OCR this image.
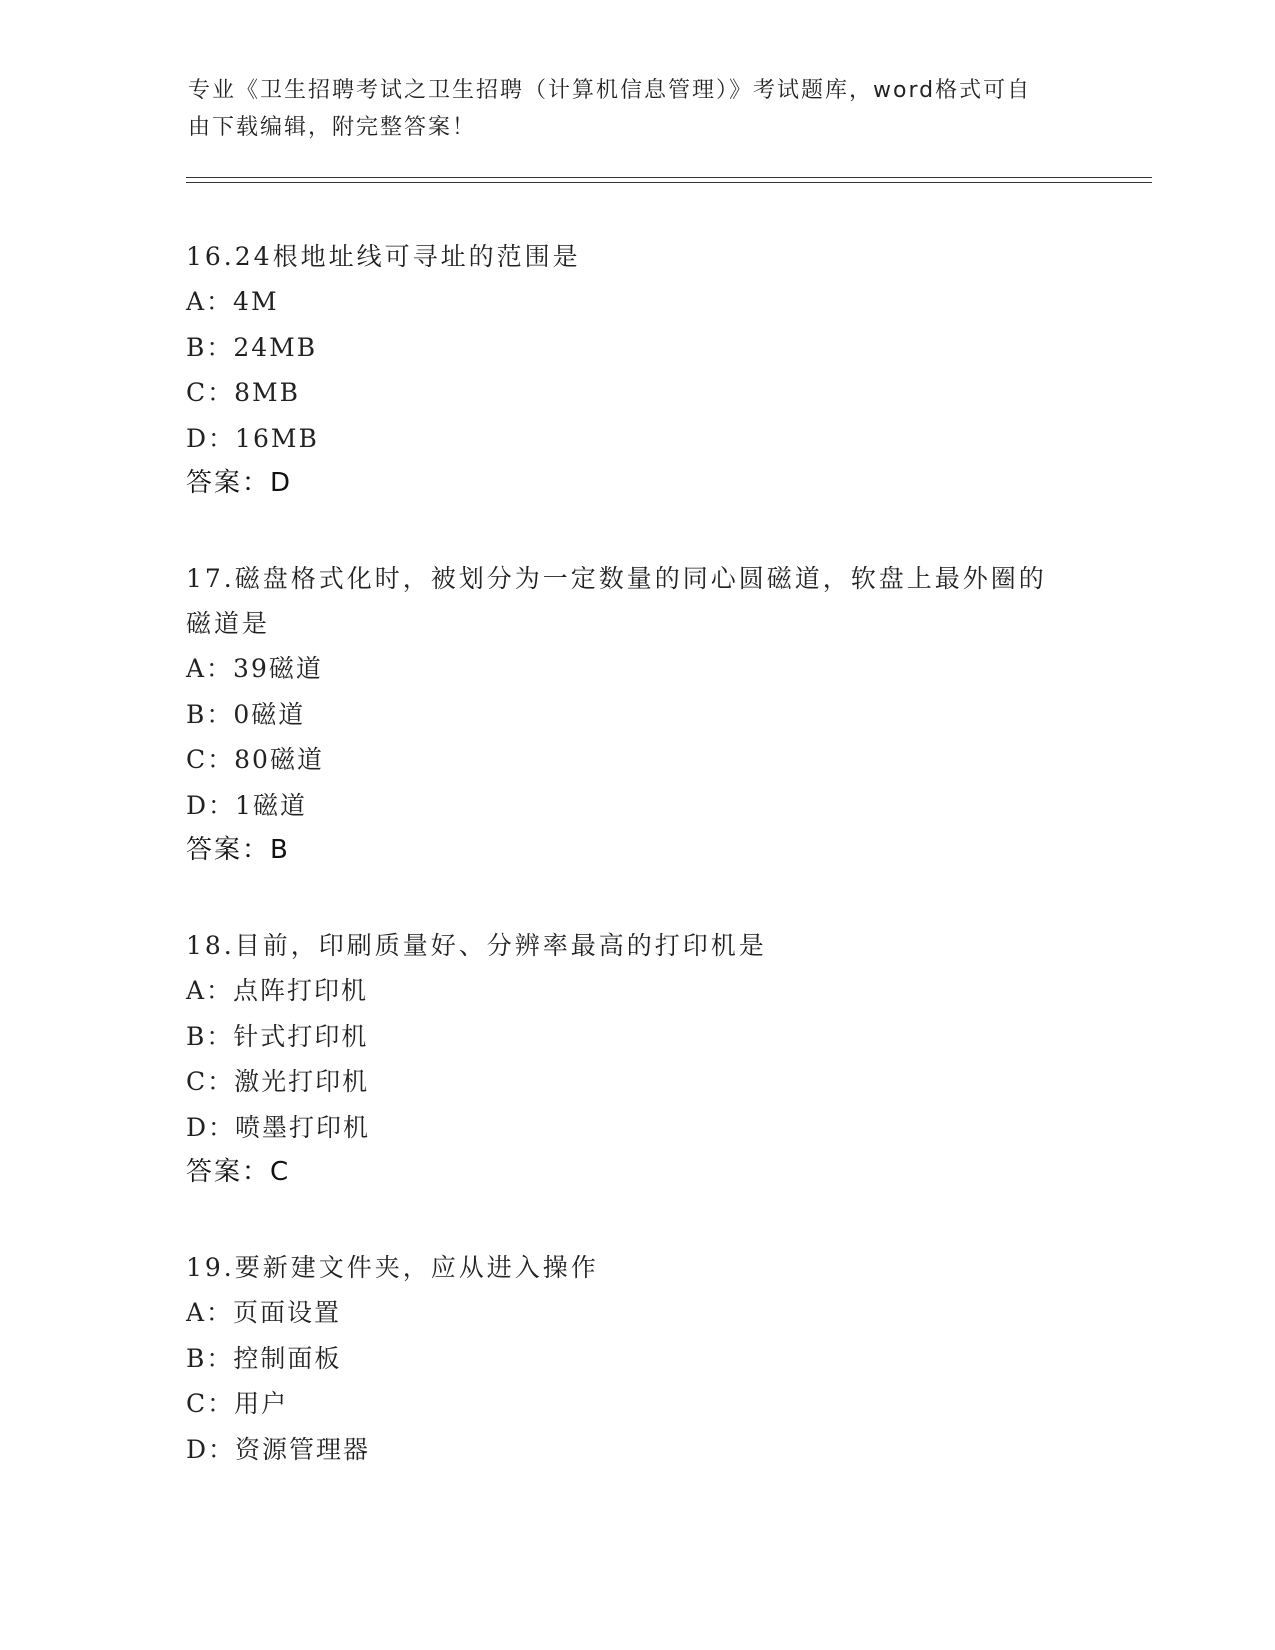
专业《卫生招聘考试之卫生招聘（计算机信息管理）》考试题库，word格式可自
由下载编辑，附完整答案！
16.24根地址线可寻址的范围是
A：4M
B：24MB
C：8MB
D：16MB
答案：D
17.磁盘格式化时，被划分为一定数量的同心圆磁道，软盘上最外圈的
磁道是
A：39磁道
B：0磁道
C：80磁道
D：1磁道
答案：B
18.目前，印刷质量好、分辨率最高的打印机是
A：点阵打印机
B：针式打印机
C：激光打印机
D：喷墨打印机
答案：C
19.要新建文件夹，应从进入操作
A：页面设置
B：控制面板
C：用户
D：资源管理器
